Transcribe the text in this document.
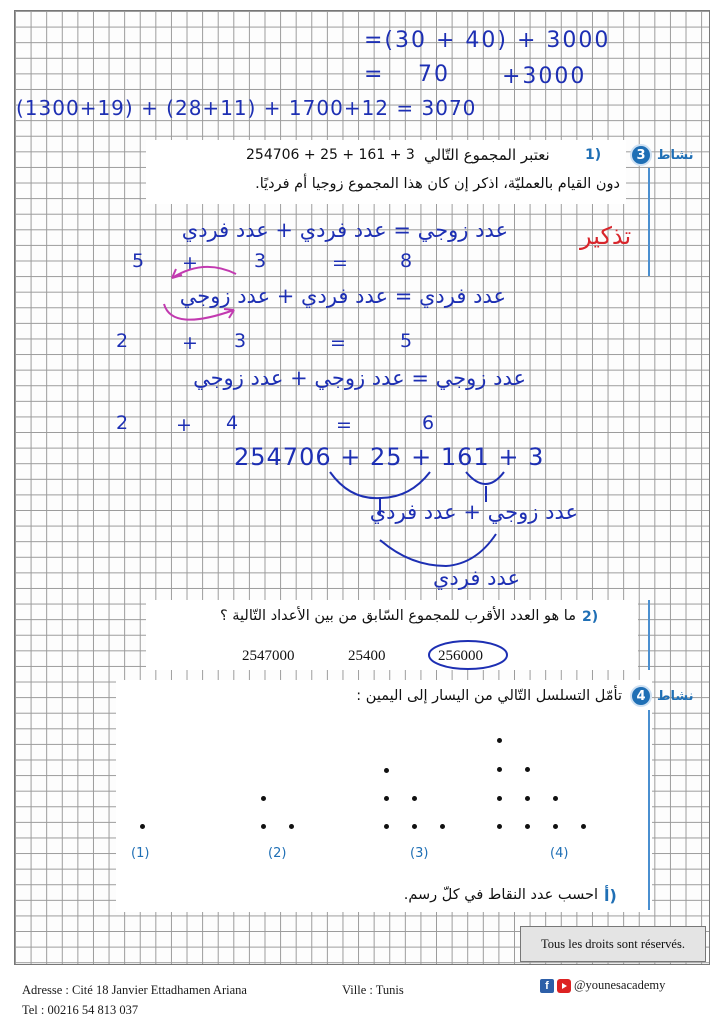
=(30 + 40) + 3000
= 70 +3000
(1300+19) + (28+11) + 1700+12 = 3070
نشاط
3
254706 + 25 + 161 + 3 نعتبر المجموع التّالي	1)
دون القيام بالعمليّة، اذكر إن كان هذا المجموع زوجيا أم فرديًا.
تذكير
عدد زوجي = عدد فردي + عدد فردي
5 +	3	=	8
عدد فردي = عدد فردي + عدد زوجي
2	+ 3	=	5
عدد زوجي = عدد زوجي + عدد زوجي
2	+ 4	6
=
254706 + 25 + 161 + 3
عدد زوجي + عدد فردي
عدد فردي
ما هو العدد الأقرب للمجموع السّابق من بين الأعداد التّالية ؟ 2)
2547000	25400	256000
نشاط
4
تأمّل التسلسل التّالي من اليسار إلى اليمين :
(1)	(2)	(3)	(4)
احسب عدد النقاط في كلّ رسم. أ)
Tous les droits sont réservés.
Adresse : Cité 18 Janvier Ettadhamen Ariana	Ville : Tunis
Tel : 00216 54 813 037
f	@younesacademy
